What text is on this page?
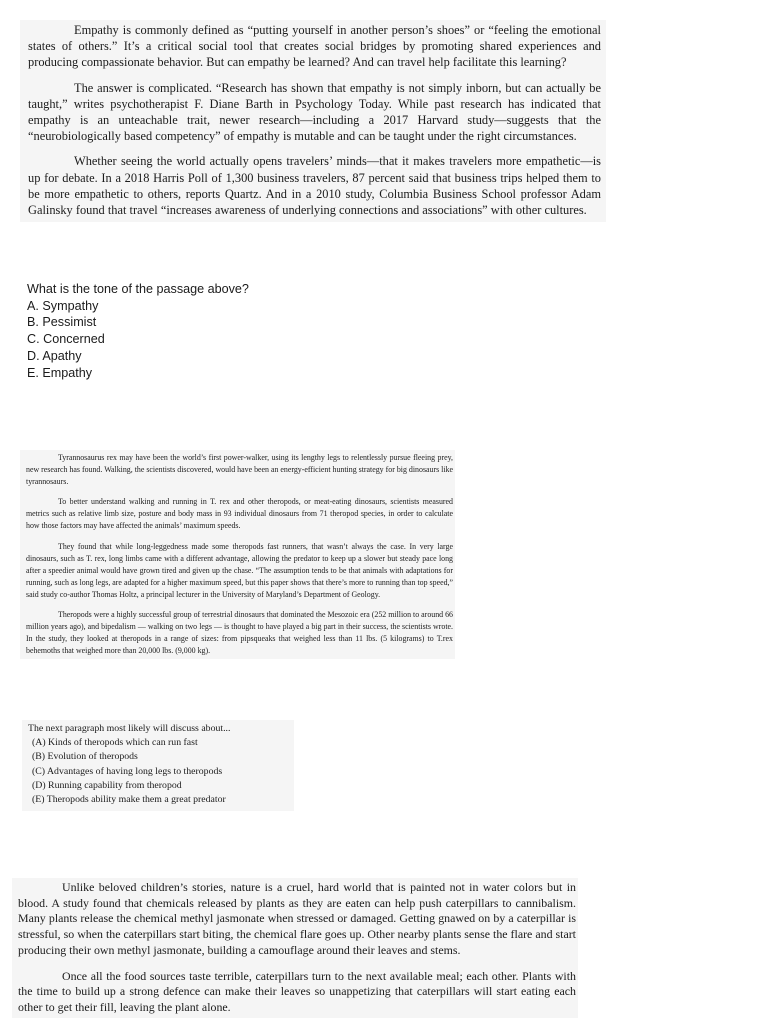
Empathy is commonly defined as “putting yourself in another person’s shoes” or “feeling the emotional states of others.” It’s a critical social tool that creates social bridges by promoting shared experiences and producing compassionate behavior. But can empathy be learned? And can travel help facilitate this learning?

The answer is complicated. “Research has shown that empathy is not simply inborn, but can actually be taught,” writes psychotherapist F. Diane Barth in Psychology Today. While past research has indicated that empathy is an unteachable trait, newer research—including a 2017 Harvard study—suggests that the “neurobiologically based competency” of empathy is mutable and can be taught under the right circumstances.

Whether seeing the world actually opens travelers’ minds—that it makes travelers more empathetic—is up for debate. In a 2018 Harris Poll of 1,300 business travelers, 87 percent said that business trips helped them to be more empathetic to others, reports Quartz. And in a 2010 study, Columbia Business School professor Adam Galinsky found that travel “increases awareness of underlying connections and associations” with other cultures.

What is the tone of the passage above?
A. Sympathy
B. Pessimist
C. Concerned
D. Apathy
E. Empathy

Tyrannosaurus rex may have been the world’s first power-walker, using its lengthy legs to relentlessly pursue fleeing prey, new research has found. Walking, the scientists discovered, would have been an energy-efficient hunting strategy for big dinosaurs like tyrannosaurs.

To better understand walking and running in T. rex and other theropods, or meat-eating dinosaurs, scientists measured metrics such as relative limb size, posture and body mass in 93 individual dinosaurs from 71 theropod species, in order to calculate how those factors may have affected the animals’ maximum speeds.

They found that while long-leggedness made some theropods fast runners, that wasn’t always the case. In very large dinosaurs, such as T. rex, long limbs came with a different advantage, allowing the predator to keep up a slower but steady pace long after a speedier animal would have grown tired and given up the chase. “The assumption tends to be that animals with adaptations for running, such as long legs, are adapted for a higher maximum speed, but this paper shows that there’s more to running than top speed,” said study co-author Thomas Holtz, a principal lecturer in the University of Maryland’s Department of Geology.

Theropods were a highly successful group of terrestrial dinosaurs that dominated the Mesozoic era (252 million to around 66 million years ago), and bipedalism — walking on two legs — is thought to have played a big part in their success, the scientists wrote. In the study, they looked at theropods in a range of sizes: from pipsqueaks that weighed less than 11 lbs. (5 kilograms) to T.rex behemoths that weighed more than 20,000 lbs. (9,000 kg).

The next paragraph most likely will discuss about...
(A) Kinds of theropods which can run fast
(B) Evolution of theropods
(C) Advantages of having long legs to theropods
(D) Running capability from theropod
(E) Theropods ability make them a great predator

Unlike beloved children’s stories, nature is a cruel, hard world that is painted not in water colors but in blood. A study found that chemicals released by plants as they are eaten can help push caterpillars to cannibalism. Many plants release the chemical methyl jasmonate when stressed or damaged. Getting gnawed on by a caterpillar is stressful, so when the caterpillars start biting, the chemical flare goes up. Other nearby plants sense the flare and start producing their own methyl jasmonate, building a camouflage around their leaves and stems.

Once all the food sources taste terrible, caterpillars turn to the next available meal; each other. Plants with the time to build up a strong defence can make their leaves so unappetizing that caterpillars will start eating each other to get their fill, leaving the plant alone.
